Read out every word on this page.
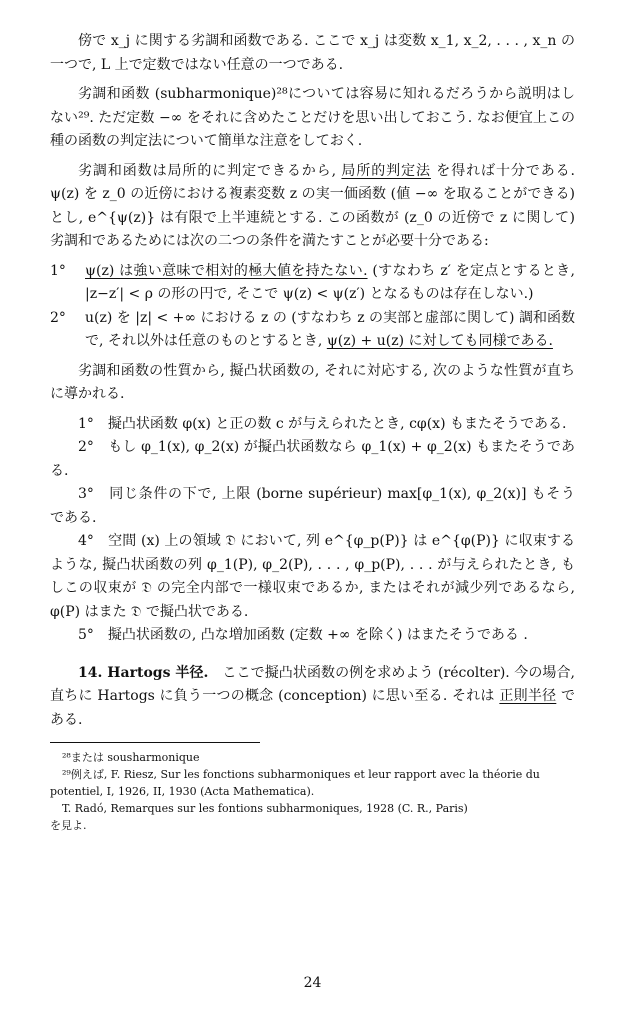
傍で x_j に関する劣調和函数である. ここで x_j は変数 x_1, x_2, . . . , x_n の一つで, L 上で定数ではない任意の一つである.

劣調和函数 (subharmonique)²⁸については容易に知れるだろうから説明はしない²⁹. ただ定数 −∞ をそれに含めたことだけを思い出しておこう. なお便宜上この種の函数の判定法について簡単な注意をしておく.

劣調和函数は局所的に判定できるから, 局所的判定法 を得れば十分である. ψ(z) を z_0 の近傍における複素変数 z の実一価函数 (値 −∞ を取ることができる) とし, e^{ψ(z)} は有限で上半連続とする. この函数が (z_0 の近傍で z に関して) 劣調和であるためには次の二つの条件を満たすことが必要十分である:

1° ψ(z) は強い意味で相対的極大値を持たない. (すなわち z′ を定点とするとき, |z−z′| < ρ の形の円で, そこで ψ(z) < ψ(z′) となるものは存在しない.)

2° u(z) を |z| < +∞ における z の (すなわち z の実部と虚部に関して) 調和函数で, それ以外は任意のものとするとき, ψ(z) + u(z) に対しても同様である.

劣調和函数の性質から, 擬凸状函数の, それに対応する, 次のような性質が直ちに導かれる.

1°　擬凸状函数 φ(x) と正の数 c が与えられたとき, cφ(x) もまたそうである.

2°　もし φ_1(x), φ_2(x) が擬凸状函数なら φ_1(x) + φ_2(x) もまたそうである.

3°　同じ条件の下で, 上限 (borne supérieur) max[φ_1(x), φ_2(x)] もそうである.

4°　空間 (x) 上の領域 𝔇 において, 列 e^{φ_p(P)} は e^{φ(P)} に収束するような, 擬凸状函数の列 φ_1(P), φ_2(P), . . . , φ_p(P), . . . が与えられたとき, もしこの収束が 𝔇 の完全内部で一様収束であるか, またはそれが減少列であるなら, φ(P) はまた 𝔇 で擬凸状である.

5°　擬凸状函数の, 凸な増加函数 (定数 +∞ を除く) はまたそうである .

14. Hartogs 半径.　ここで擬凸状函数の例を求めよう (récolter). 今の場合, 直ちに Hartogs に負う一つの概念 (conception) に思い至る. それは 正則半径 である.

²⁸または sousharmonique

²⁹例えば, F. Riesz, Sur les fonctions subharmoniques et leur rapport avec la théorie du potentiel, I, 1926, II, 1930 (Acta Mathematica).

T. Radó, Remarques sur les fontions subharmoniques, 1928 (C. R., Paris)

を見よ.

24
